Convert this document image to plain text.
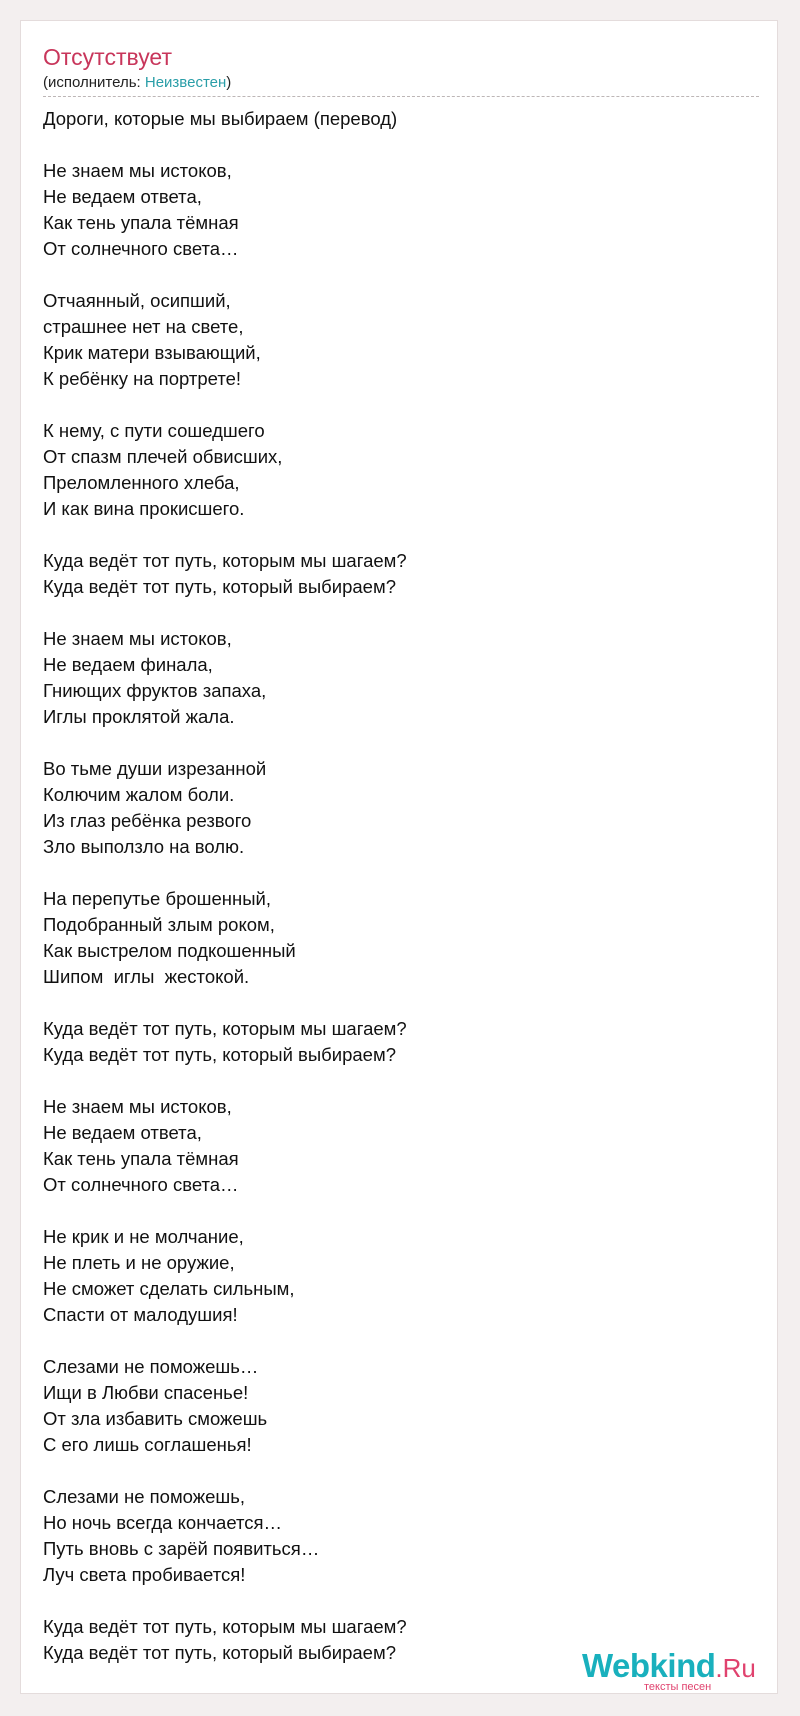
Отсутствует
(исполнитель: Неизвестен)
Дороги, которые мы выбираем (перевод)
Не знаем мы истоков,
Не ведаем ответа,
Как тень упала тёмная
От солнечного света…
Отчаянный, осипший,
страшнее нет на свете,
Крик матери взывающий,
К ребёнку на портрете!
К нему, с пути сошедшего
От спазм плечей обвисших,
Преломленного хлеба,
И как вина прокисшего.
Куда ведёт тот путь, которым мы шагаем?
Куда ведёт тот путь, который выбираем?
Не знаем мы истоков,
Не ведаем финала,
Гниющих фруктов запаха,
Иглы проклятой жала.
Во тьме души изрезанной
Колючим жалом боли.
Из глаз ребёнка резвого
Зло выползло на волю.
На перепутье брошенный,
Подобранный злым роком,
Как выстрелом подкошенный
Шипом  иглы  жестокой.
Куда ведёт тот путь, которым мы шагаем?
Куда ведёт тот путь, который выбираем?
Не знаем мы истоков,
Не ведаем ответа,
Как тень упала тёмная
От солнечного света…
Не крик и не молчание,
Не плеть и не оружие,
Не сможет сделать сильным,
Спасти от малодушия!
Слезами не поможешь…
Ищи в Любви спасенье!
От зла избавить сможешь
С его лишь соглашенья!
Слезами не поможешь,
Но ночь всегда кончается…
Путь вновь с зарёй появиться…
Луч света пробивается!
Куда ведёт тот путь, которым мы шагаем?
Куда ведёт тот путь, который выбираем?	Webkind.Ru
тексты песен
